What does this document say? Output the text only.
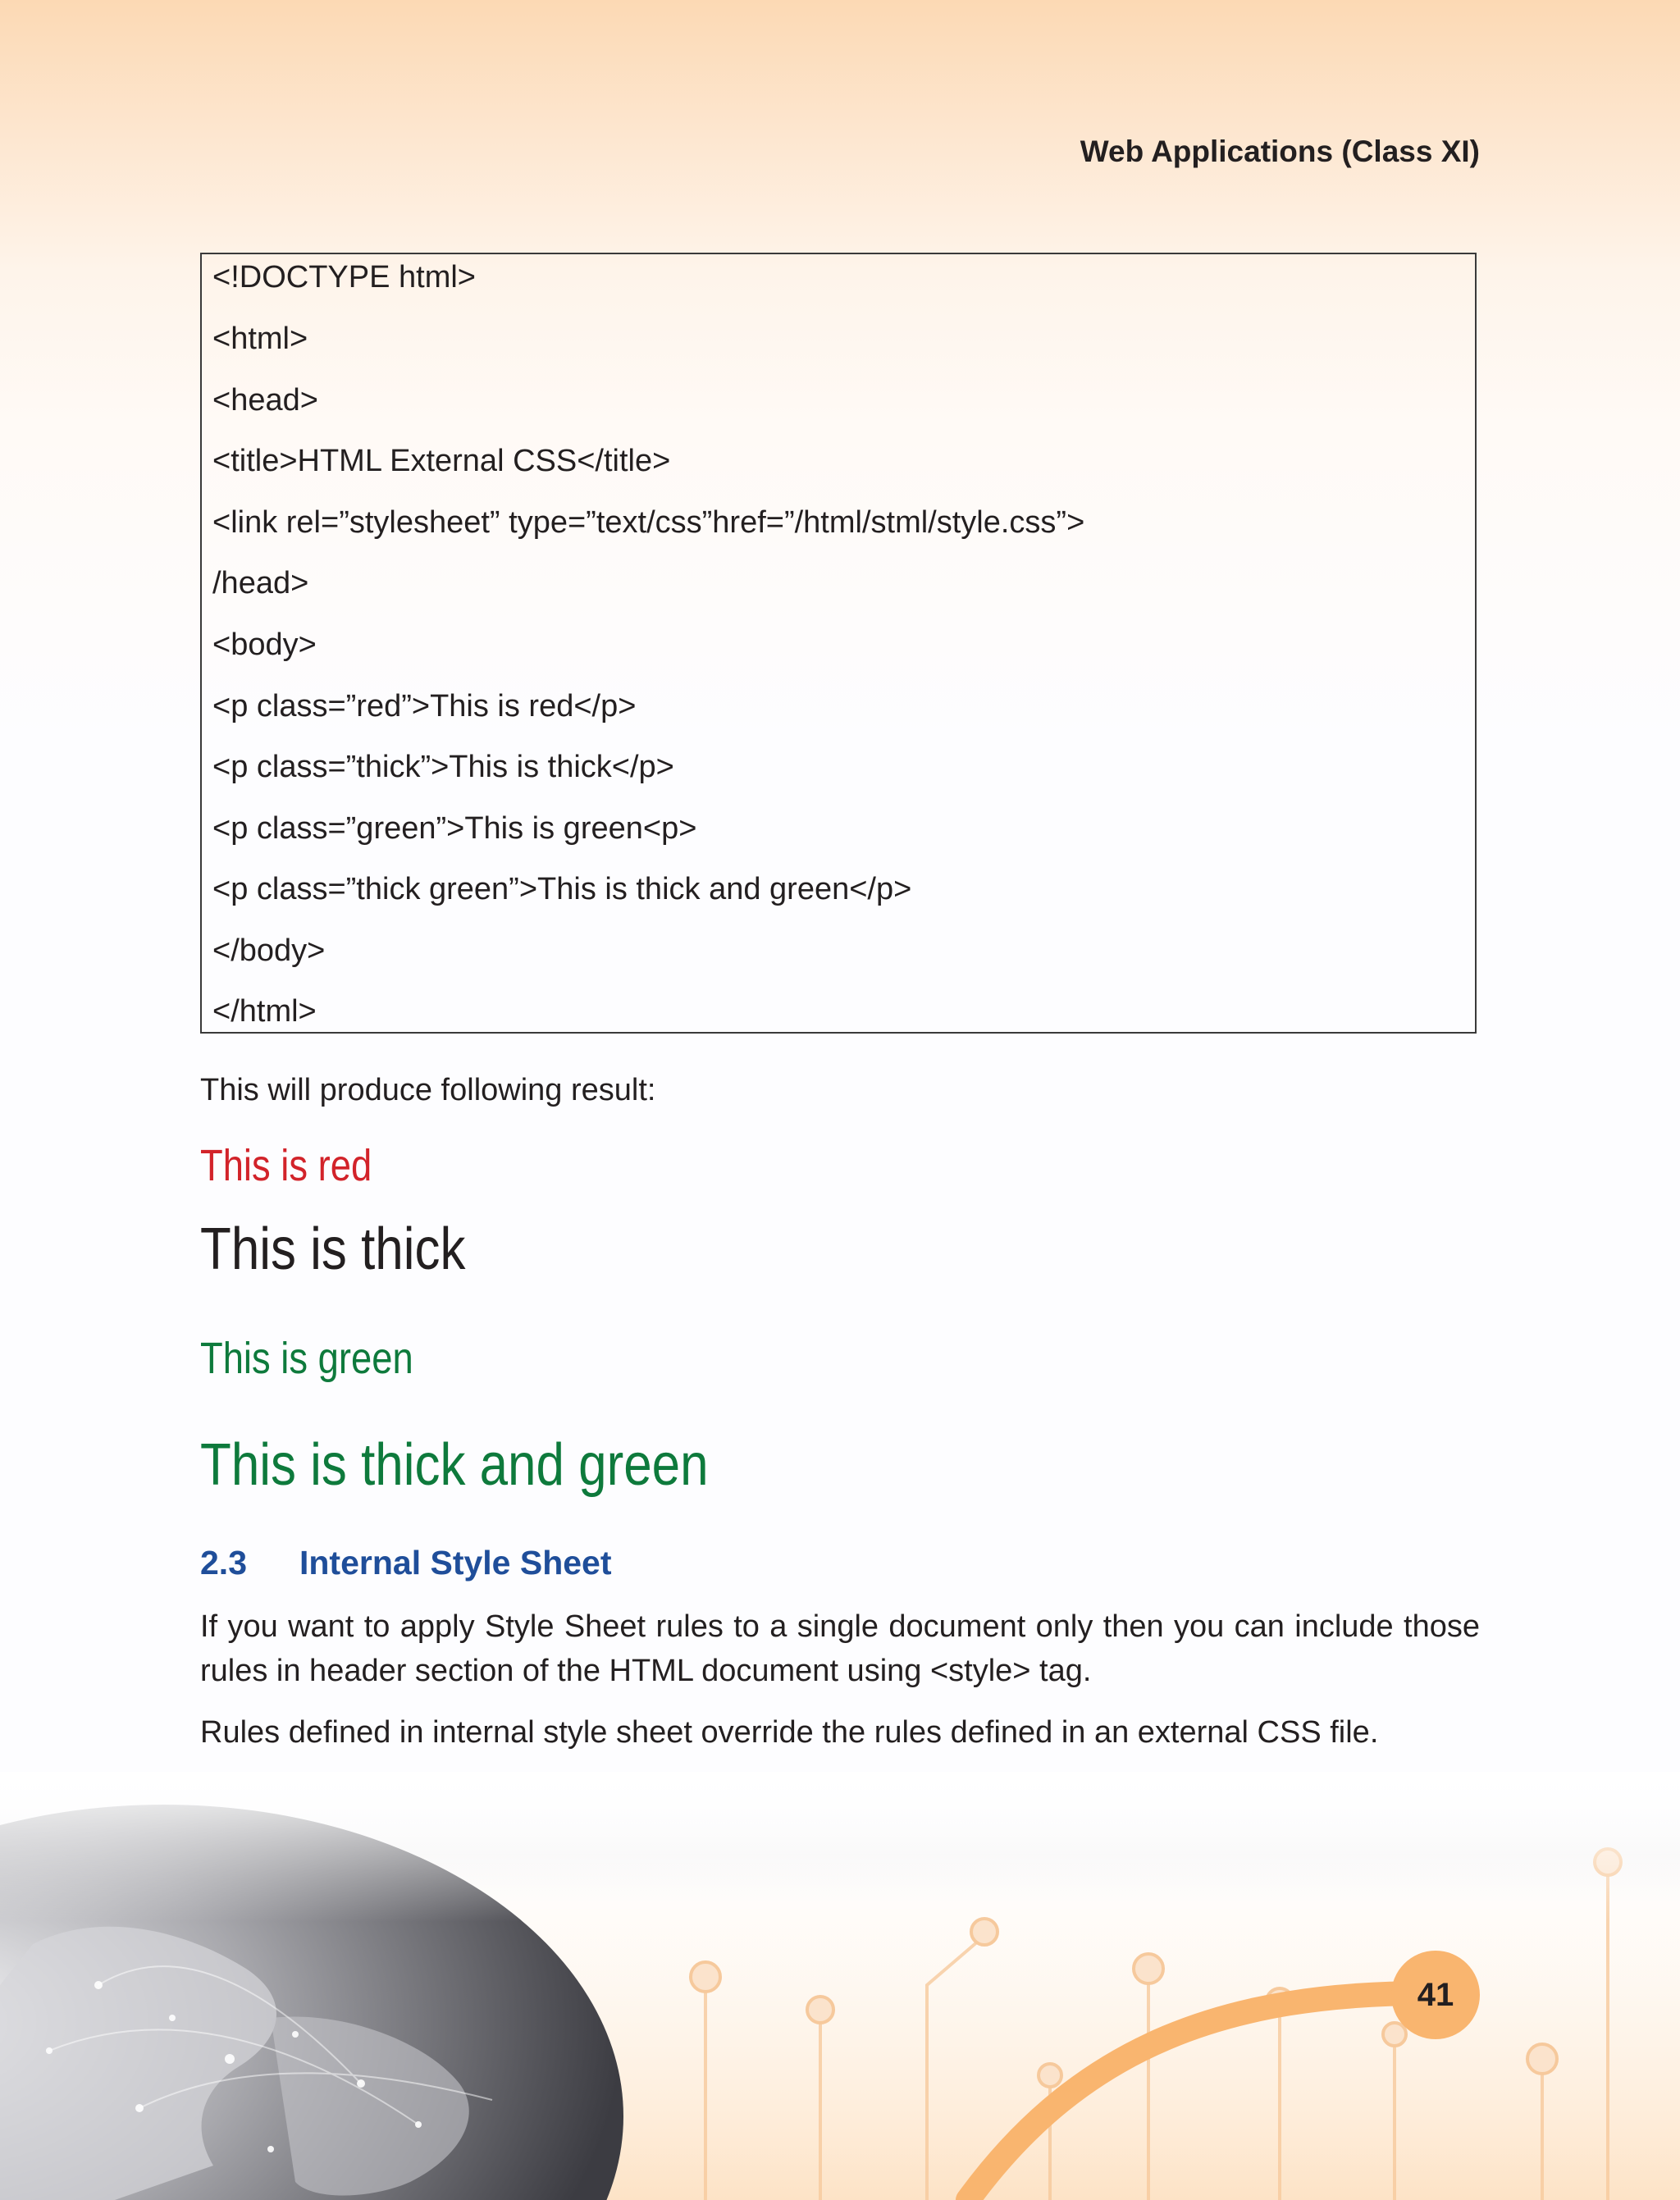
Web Applications (Class XI)
<!DOCTYPE html>
<html>
<head>
<title>HTML External CSS</title>
<link rel=”stylesheet” type=”text/css”href=”/html/stml/style.css”>
/head>
<body>
<p class=”red”>This is red</p>
<p class=”thick”>This is thick</p>
<p class=”green”>This is green<p>
<p class=”thick green”>This is thick and green</p>
</body>
</html>
This will produce following result:
This is red
This is thick
This is green
This is thick and green
2.3 Internal Style Sheet

If you want to apply Style Sheet rules to a single document only then you can include those rules in header section of the HTML document using <style> tag.

Rules defined in internal style sheet override the rules defined in an external CSS file.

41
